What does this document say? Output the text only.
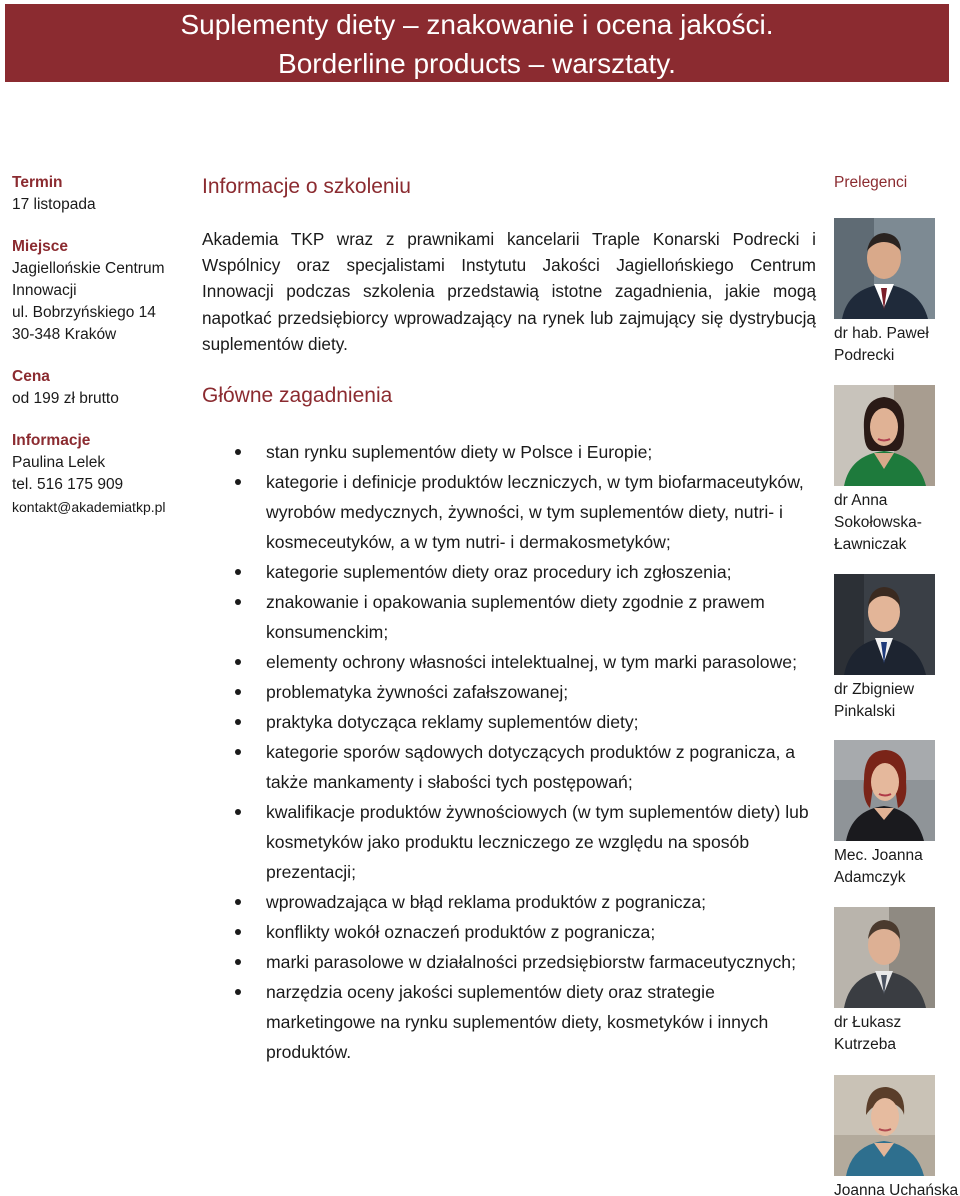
Suplementy diety – znakowanie i ocena jakości.
Borderline products – warsztaty.
Termin
17 listopada
Miejsce
Jagiellońskie Centrum
Innowacji
ul. Bobrzyńskiego 14
30-348 Kraków
Cena
od 199 zł brutto
Informacje
Paulina Lelek
tel. 516 175 909
kontakt@akademiatkp.pl
Informacje o szkoleniu

Akademia TKP wraz z prawnikami kancelarii Traple Konarski Podrecki i Wspólnicy oraz specjalistami Instytutu Jakości Jagiellońskiego Centrum Innowacji podczas szkolenia przedstawią istotne zagadnienia, jakie mogą napotkać przedsiębiorcy wprowadzający na rynek lub zajmujący się dystrybucją suplementów diety.

Główne zagadnienia
stan rynku suplementów diety w Polsce i Europie;
kategorie i definicje produktów leczniczych, w tym biofarmaceutyków, wyrobów medycznych, żywności, w tym suplementów diety, nutri- i kosmeceutyków, a w tym nutri- i dermakosmetyków;
kategorie suplementów diety oraz procedury ich zgłoszenia;
znakowanie i opakowania suplementów diety zgodnie z prawem konsumenckim;
elementy ochrony własności intelektualnej, w tym marki parasolowe;
problematyka żywności zafałszowanej;
praktyka dotycząca reklamy suplementów diety;
kategorie sporów sądowych dotyczących produktów z pogranicza, a także mankamenty i słabości tych postępowań;
kwalifikacje produktów żywnościowych (w tym suplementów diety) lub kosmetyków jako produktu leczniczego ze względu na sposób prezentacji;
wprowadzająca w błąd reklama produktów z pogranicza;
konflikty wokół oznaczeń produktów z pogranicza;
marki parasolowe w działalności przedsiębiorstw farmaceutycznych;
narzędzia oceny jakości suplementów diety oraz strategie marketingowe na rynku suplementów diety, kosmetyków i innych produktów.
Prelegenci
dr hab. Paweł
Podrecki
dr Anna
Sokołowska-
Ławniczak
dr Zbigniew
Pinkalski
Mec. Joanna
Adamczyk
dr Łukasz
Kutrzeba
Joanna Uchańska
